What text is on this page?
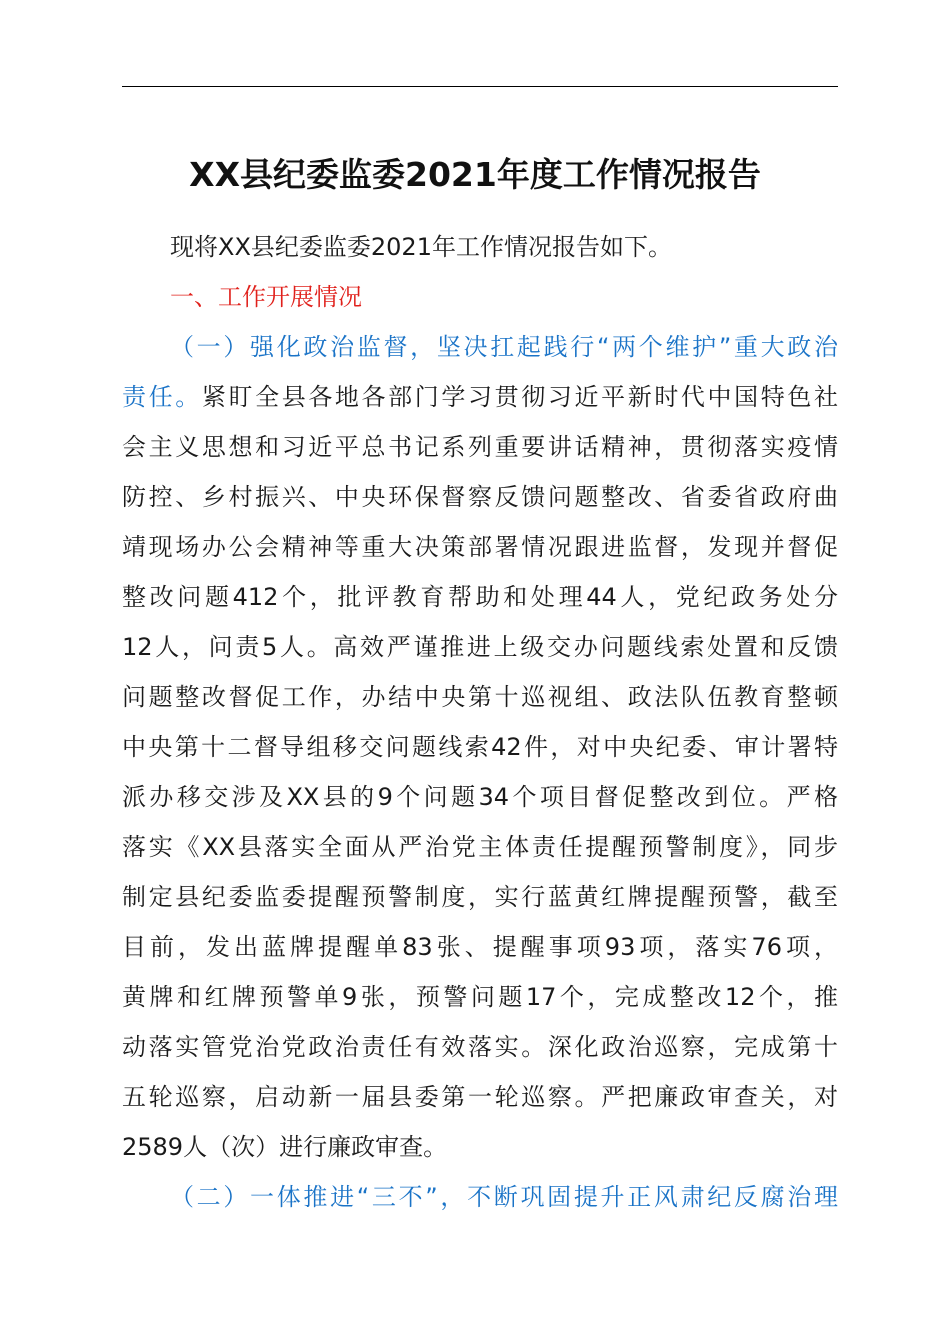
XX县纪委监委2021年度工作情况报告
现将XX县纪委监委2021年工作情况报告如下。
一、工作开展情况
（一）强化政治监督，坚决扛起践行“两个维护”重大政治
责任。紧盯全县各地各部门学习贯彻习近平新时代中国特色社
会主义思想和习近平总书记系列重要讲话精神，贯彻落实疫情
防控、乡村振兴、中央环保督察反馈问题整改、省委省政府曲
靖现场办公会精神等重大决策部署情况跟进监督，发现并督促
整改问题412个，批评教育帮助和处理44人，党纪政务处分
12人，问责5人。高效严谨推进上级交办问题线索处置和反馈
问题整改督促工作，办结中央第十巡视组、政法队伍教育整顿
中央第十二督导组移交问题线索42件，对中央纪委、审计署特
派办移交涉及XX县的9个问题34个项目督促整改到位。严格
落实《XX县落实全面从严治党主体责任提醒预警制度》，同步
制定县纪委监委提醒预警制度，实行蓝黄红牌提醒预警，截至
目前，发出蓝牌提醒单83张、提醒事项93项，落实76项，
黄牌和红牌预警单9张，预警问题17个，完成整改12个，推
动落实管党治党政治责任有效落实。深化政治巡察，完成第十
五轮巡察，启动新一届县委第一轮巡察。严把廉政审查关，对
2589人（次）进行廉政审查。
（二）一体推进“三不”，不断巩固提升正风肃纪反腐治理
